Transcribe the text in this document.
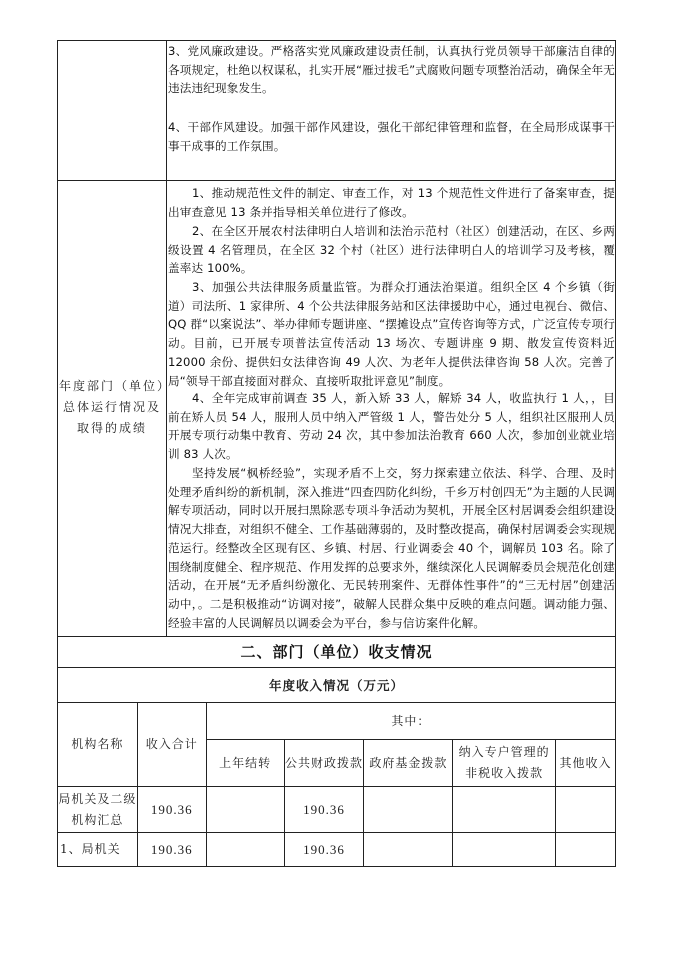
3、党风廉政建设。严格落实党风廉政建设责任制，认真执行党员领导干部廉洁自律的各项规定，杜绝以权谋私，扎实开展“雁过拔毛”式腐败问题专项整治活动，确保全年无违法违纪现象发生。

4、干部作风建设。加强干部作风建设，强化干部纪律管理和监督，在全局形成谋事干事干成事的工作氛围。

年度部门（单位）总体运行情况及取得的成绩

1、推动规范性文件的制定、审查工作，对 13 个规范性文件进行了备案审查，提出审查意见 13 条并指导相关单位进行了修改。

2、在全区开展农村法律明白人培训和法治示范村（社区）创建活动，在区、乡两级设置 4 名管理员，在全区 32 个村（社区）进行法律明白人的培训学习及考核，覆盖率达 100%。

3、加强公共法律服务质量监管。为群众打通法治渠道。组织全区 4 个乡镇（街道）司法所、1 家律所、4 个公共法律服务站和区法律援助中心，通过电视台、微信、QQ 群“以案说法”、举办律师专题讲座、“摆摊设点”宣传咨询等方式，广泛宣传专项行动。目前，已开展专项普法宣传活动 13 场次、专题讲座 9 期、散发宣传资料近 12000 余份、提供妇女法律咨询 49 人次、为老年人提供法律咨询 58 人次。完善了局“领导干部直接面对群众、直接听取批评意见”制度。

4、全年完成审前调查 35 人，新入矫 33 人，解矫 34 人，收监执行 1 人，，目前在矫人员 54 人，服刑人员中纳入严管级 1 人，警告处分 5 人，组织社区服刑人员开展专项行动集中教育、劳动 24 次，其中参加法治教育 660 人次，参加创业就业培训 83 人次。

坚持发展“枫桥经验”，实现矛盾不上交，努力探索建立依法、科学、合理、及时处理矛盾纠纷的新机制，深入推进“四查四防化纠纷，千乡万村创四无”为主题的人民调解专项活动，同时以开展扫黑除恶专项斗争活动为契机，开展全区村居调委会组织建设情况大排查，对组织不健全、工作基础薄弱的，及时整改提高，确保村居调委会实现规范运行。经整改全区现有区、乡镇、村居、行业调委会 40 个，调解员 103 名。除了围绕制度健全、程序规范、作用发挥的总要求外，继续深化人民调解委员会规范化创建活动，在开展“无矛盾纠纷激化、无民转刑案件、无群体性事件”的“三无村居”创建活动中，。二是积极推动“访调对接”，破解人民群众集中反映的难点问题。调动能力强、经验丰富的人民调解员以调委会为平台，参与信访案件化解。

二、部门（单位）收支情况
年度收入情况（万元）						
机构名称	收入合计	其中：				
		上年结转	公共财政拨款	政府基金拨款	纳入专户管理的非税收入拨款	其他收入
局机关及二级机构汇总	190.36		190.36			
1、局机关	190.36		190.36			
